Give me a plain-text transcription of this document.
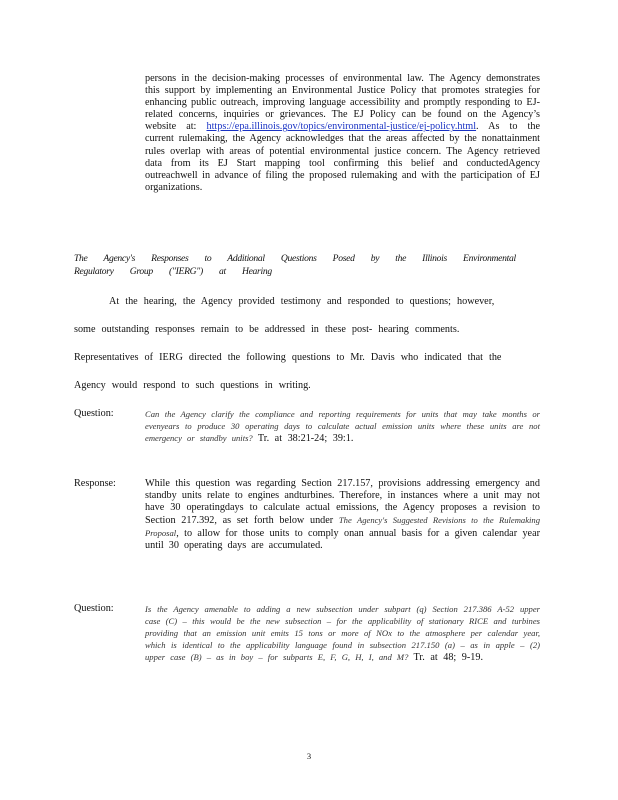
persons in the decision-making processes of environmental law. The Agency demonstrates this support by implementing an Environmental Justice Policy that promotes strategies for enhancing public outreach, improving language accessibility and promptly responding to EJ-related concerns, inquiries or grievances. The EJ Policy can be found on the Agency’s website at: https://epa.illinois.gov/topics/environmental-justice/ej-policy.html. As to the current rulemaking, the Agency acknowledges that the areas affected by the nonattainment rules overlap with areas of potential environmental justice concern. The Agency retrieved data from its EJ Start mapping tool confirming this belief and conductedAgency outreachwell in advance of filing the proposed rulemaking and with the participation of EJ organizations.
The Agency's Responses to Additional Questions Posed by the Illinois Environmental
Regulatory Group ("IERG") at Hearing
At the hearing, the Agency provided testimony and responded to questions; however,
some outstanding responses remain to be addressed in these post- hearing comments.
Representatives of IERG directed the following questions to Mr. Davis who indicated that the
Agency would respond to such questions in writing.
Question:	Can the Agency clarify the compliance and reporting requirements for units that may take months or evenyears to produce 30 operating days to calculate actual emission units where these units are not emergency or standby units? Tr. at 38:21-24; 39:1.
Response:	While this question was regarding Section 217.157, provisions addressing emergency and standby units relate to engines andturbines. Therefore, in instances where a unit may not have 30 operatingdays to calculate actual emissions, the Agency proposes a revision to Section 217.392, as set forth below under The Agency's Suggested Revisions to the Rulemaking Proposal, to allow for those units to comply onan annual basis for a given calendar year until 30 operating days are accumulated.
Question:	Is the Agency amenable to adding a new subsection under subpart (q) Section 217.386 A-52 upper case (C) – this would be the new subsection – for the applicability of stationary RICE and turbines providing that an emission unit emits 15 tons or more of NOx to the atmosphere per calendar year, which is identical to the applicability language found in subsection 217.150 (a) – as in apple – (2) upper case (B) – as in boy – for subparts E, F, G, H, I, and M? Tr. at 48; 9-19.
3
